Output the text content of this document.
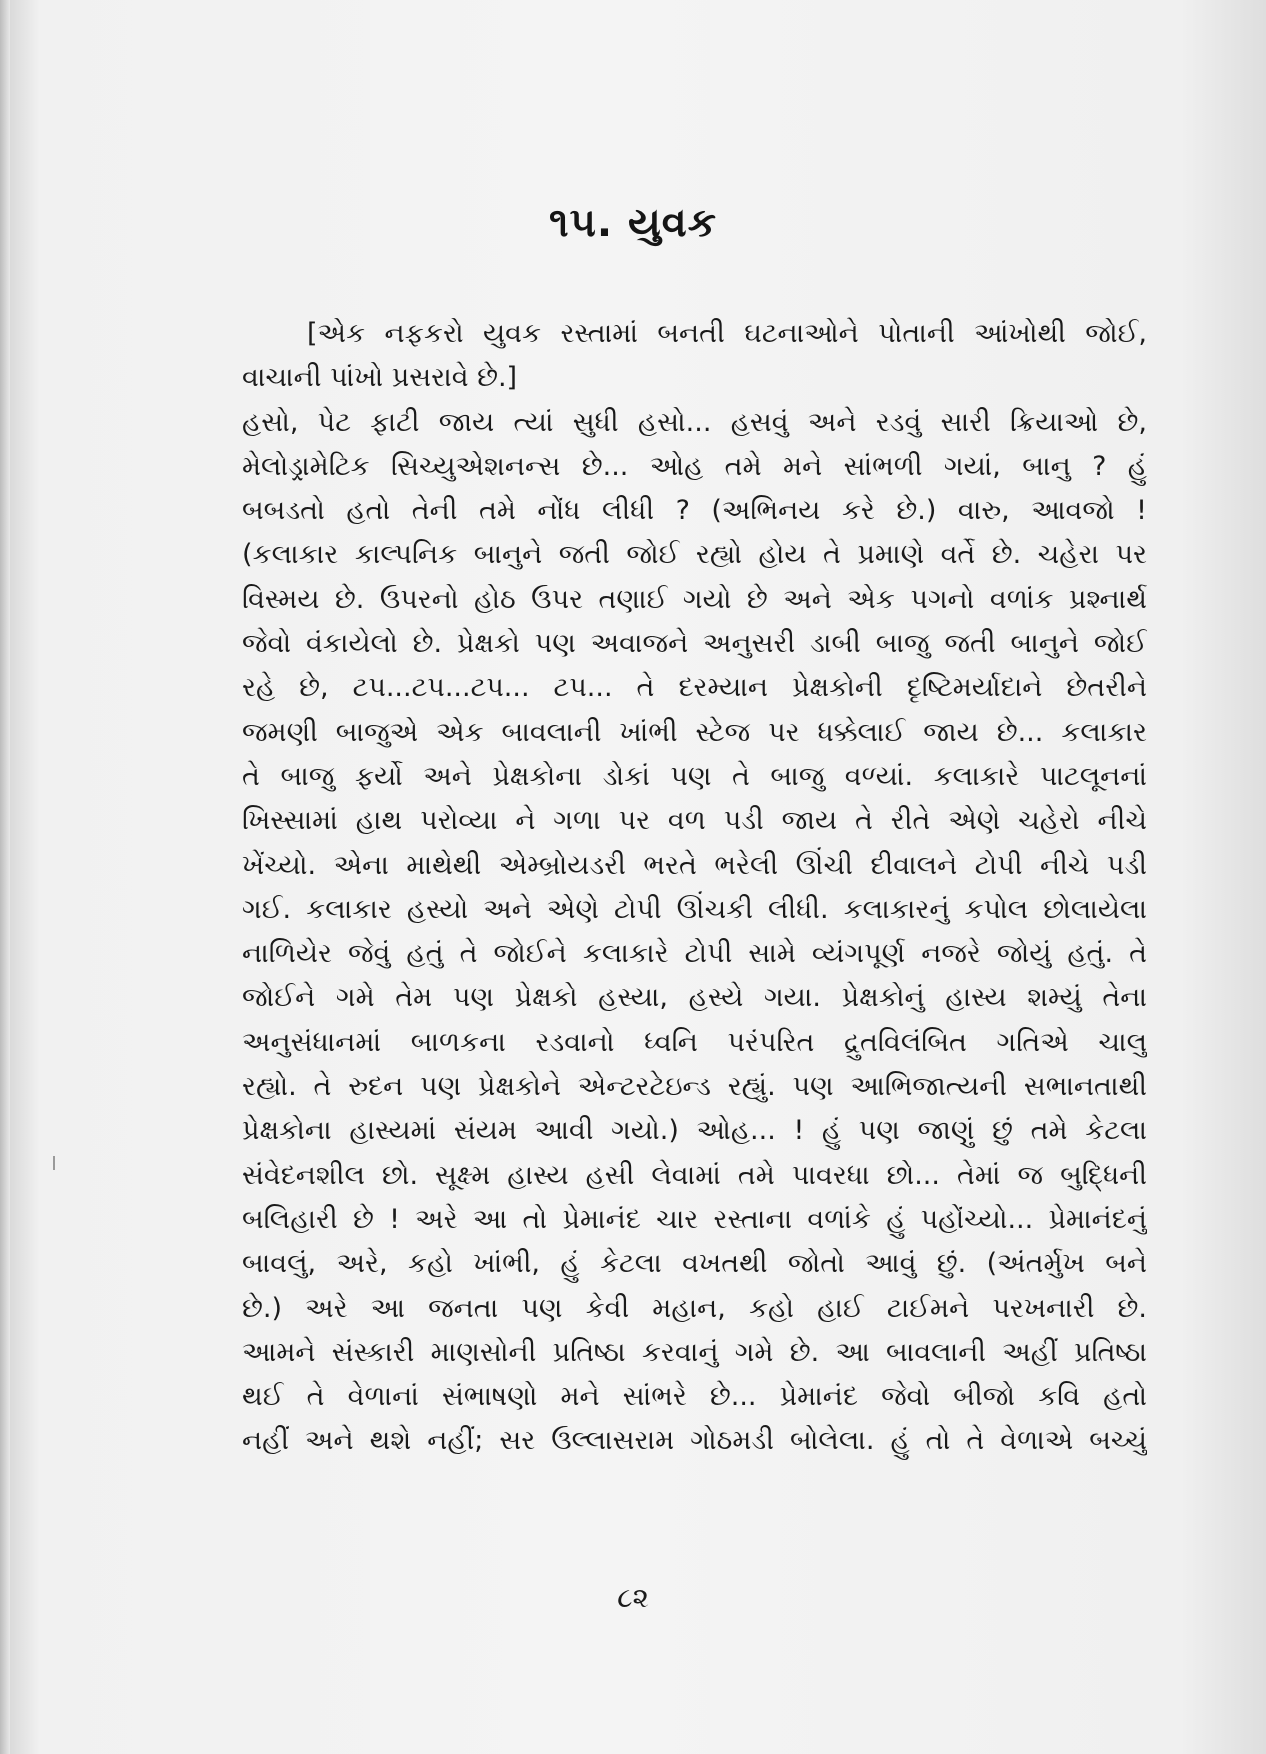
૧૫. યુવક
[એક નફકરો યુવક રસ્તામાં બનતી ઘટનાઓને પોતાની આંખોથી જોઈ,
વાચાની પાંખો પ્રસરાવે છે.]
હસો, પેટ ફાટી જાય ત્યાં સુધી હસો... હસવું અને રડવું સારી ક્રિયાઓ છે,
મેલોડ્રામેટિક સિચ્યુએશનન્સ છે... ઓહ તમે મને સાંભળી ગયાં, બાનુ ? હું
બબડતો હતો તેની તમે નોંધ લીધી ? (અભિનય કરે છે.) વારુ, આવજો !
(કલાકાર કાલ્પનિક બાનુને જતી જોઈ રહ્યો હોય તે પ્રમાણે વર્તે છે. ચહેરા પર
વિસ્મય છે. ઉપરનો હોઠ ઉપર તણાઈ ગયો છે અને એક પગનો વળાંક પ્રશ્નાર્થ
જેવો વંકાયેલો છે. પ્રેક્ષકો પણ અવાજને અનુસરી ડાબી બાજુ જતી બાનુને જોઈ
રહે છે, ટપ...ટપ...ટપ... ટપ... તે દરમ્યાન પ્રેક્ષકોની દૃષ્ટિમર્યાદાને છેતરીને
જમણી બાજુએ એક બાવલાની ખાંભી સ્ટેજ પર ધક્કેલાઈ જાય છે... કલાકાર
તે બાજુ ફર્યો અને પ્રેક્ષકોના ડોકાં પણ તે બાજુ વળ્યાં. કલાકારે પાટલૂનનાં
ખિસ્સામાં હાથ પરોવ્યા ને ગળા પર વળ પડી જાય તે રીતે એણે ચહેરો નીચે
ખેંચ્યો. એના માથેથી એમ્બ્રોયડરી ભરતે ભરેલી ઊંચી દીવાલને ટોપી નીચે પડી
ગઈ. કલાકાર હસ્યો અને એણે ટોપી ઊંચકી લીધી. કલાકારનું કપોલ છોલાયેલા
નાળિયેર જેવું હતું તે જોઈને કલાકારે ટોપી સામે વ્યંગપૂર્ણ નજરે જોયું હતું. તે
જોઈને ગમે તેમ પણ પ્રેક્ષકો હસ્યા, હસ્યે ગયા. પ્રેક્ષકોનું હાસ્ય શમ્યું તેના
અનુસંધાનમાં બાળકના રડવાનો ધ્વનિ પરંપરિત દ્રુતવિલંબિત ગતિએ ચાલુ
રહ્યો. તે રુદન પણ પ્રેક્ષકોને એન્ટરટેઇન્ડ રહ્યું. પણ આભિજાત્યની સભાનતાથી
પ્રેક્ષકોના હાસ્યમાં સંયમ આવી ગયો.) ઓહ... ! હું પણ જાણું છું તમે કેટલા
સંવેદનશીલ છો. સૂક્ષ્મ હાસ્ય હસી લેવામાં તમે પાવરધા છો... તેમાં જ બુદ્ધિની
બલિહારી છે ! અરે આ તો પ્રેમાનંદ ચાર રસ્તાના વળાંકે હું પહોંચ્યો... પ્રેમાનંદનું
બાવલું, અરે, કહો ખાંભી, હું કેટલા વખતથી જોતો આવું છું. (અંતર્મુખ બને
છે.) અરે આ જનતા પણ કેવી મહાન, કહો હાઈ ટાઈમને પરખનારી છે.
આમને સંસ્કારી માણસોની પ્રતિષ્ઠા કરવાનું ગમે છે. આ બાવલાની અહીં પ્રતિષ્ઠા
થઈ તે વેળાનાં સંભાષણો મને સાંભરે છે... પ્રેમાનંદ જેવો બીજો કવિ હતો
નહીં અને થશે નહીં; સર ઉલ્લાસરામ ગોઠમડી બોલેલા. હું તો તે વેળાએ બચ્ચું
૮૨
